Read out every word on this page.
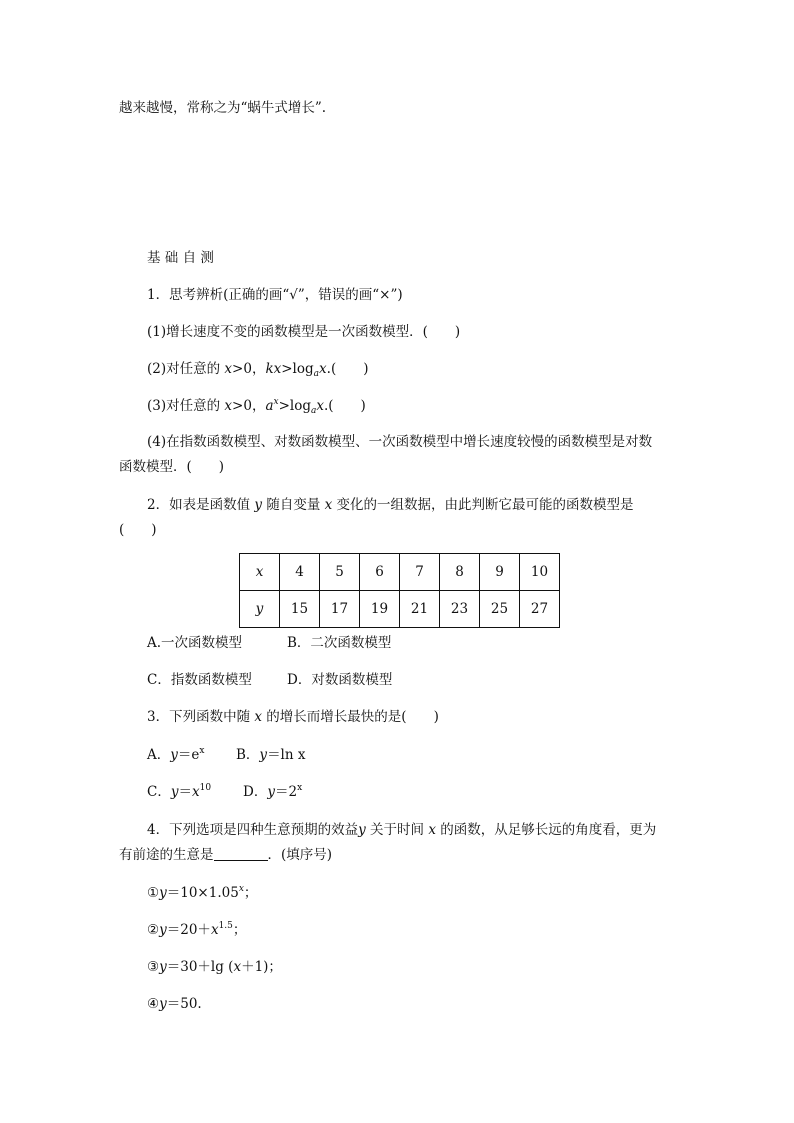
越来越慢，常称之为“蜗牛式增长”.
基 础 自 测
1．思考辨析(正确的画“√”，错误的画“×”)
(1)增长速度不变的函数模型是一次函数模型．(　　)
(2)对任意的 x>0，$kx>\log_ax$.(　　)
(3)对任意的 x>0，$a^x>\log_ax$.(　　)
(4)在指数函数模型、对数函数模型、一次函数模型中增长速度较慢的函数模型是对数
函数模型．(　　)
2．如表是函数值 y 随自变量 x 变化的一组数据，由此判断它最可能的函数模型是
(　　)
x	4	5	6	7	8	9	10
y	15	17	19	21	23	25	27
A.一次函数模型	B．二次函数模型
C．指数函数模型	D．对数函数模型
3．下列函数中随 x 的增长而增长最快的是(　　)
A．$y=e^x$ B．y＝ln x
C．$y=x^{10}$ D．$y=2^x$
4．下列选项是四种生意预期的效益y 关于时间 x 的函数，从足够长远的角度看，更为
有前途的生意是	．(填序号)
$①y=10\times 1.05^x$；
$②y=20+x^{1.5}$；
③y＝30＋lg (x＋1)；
④y＝50.
